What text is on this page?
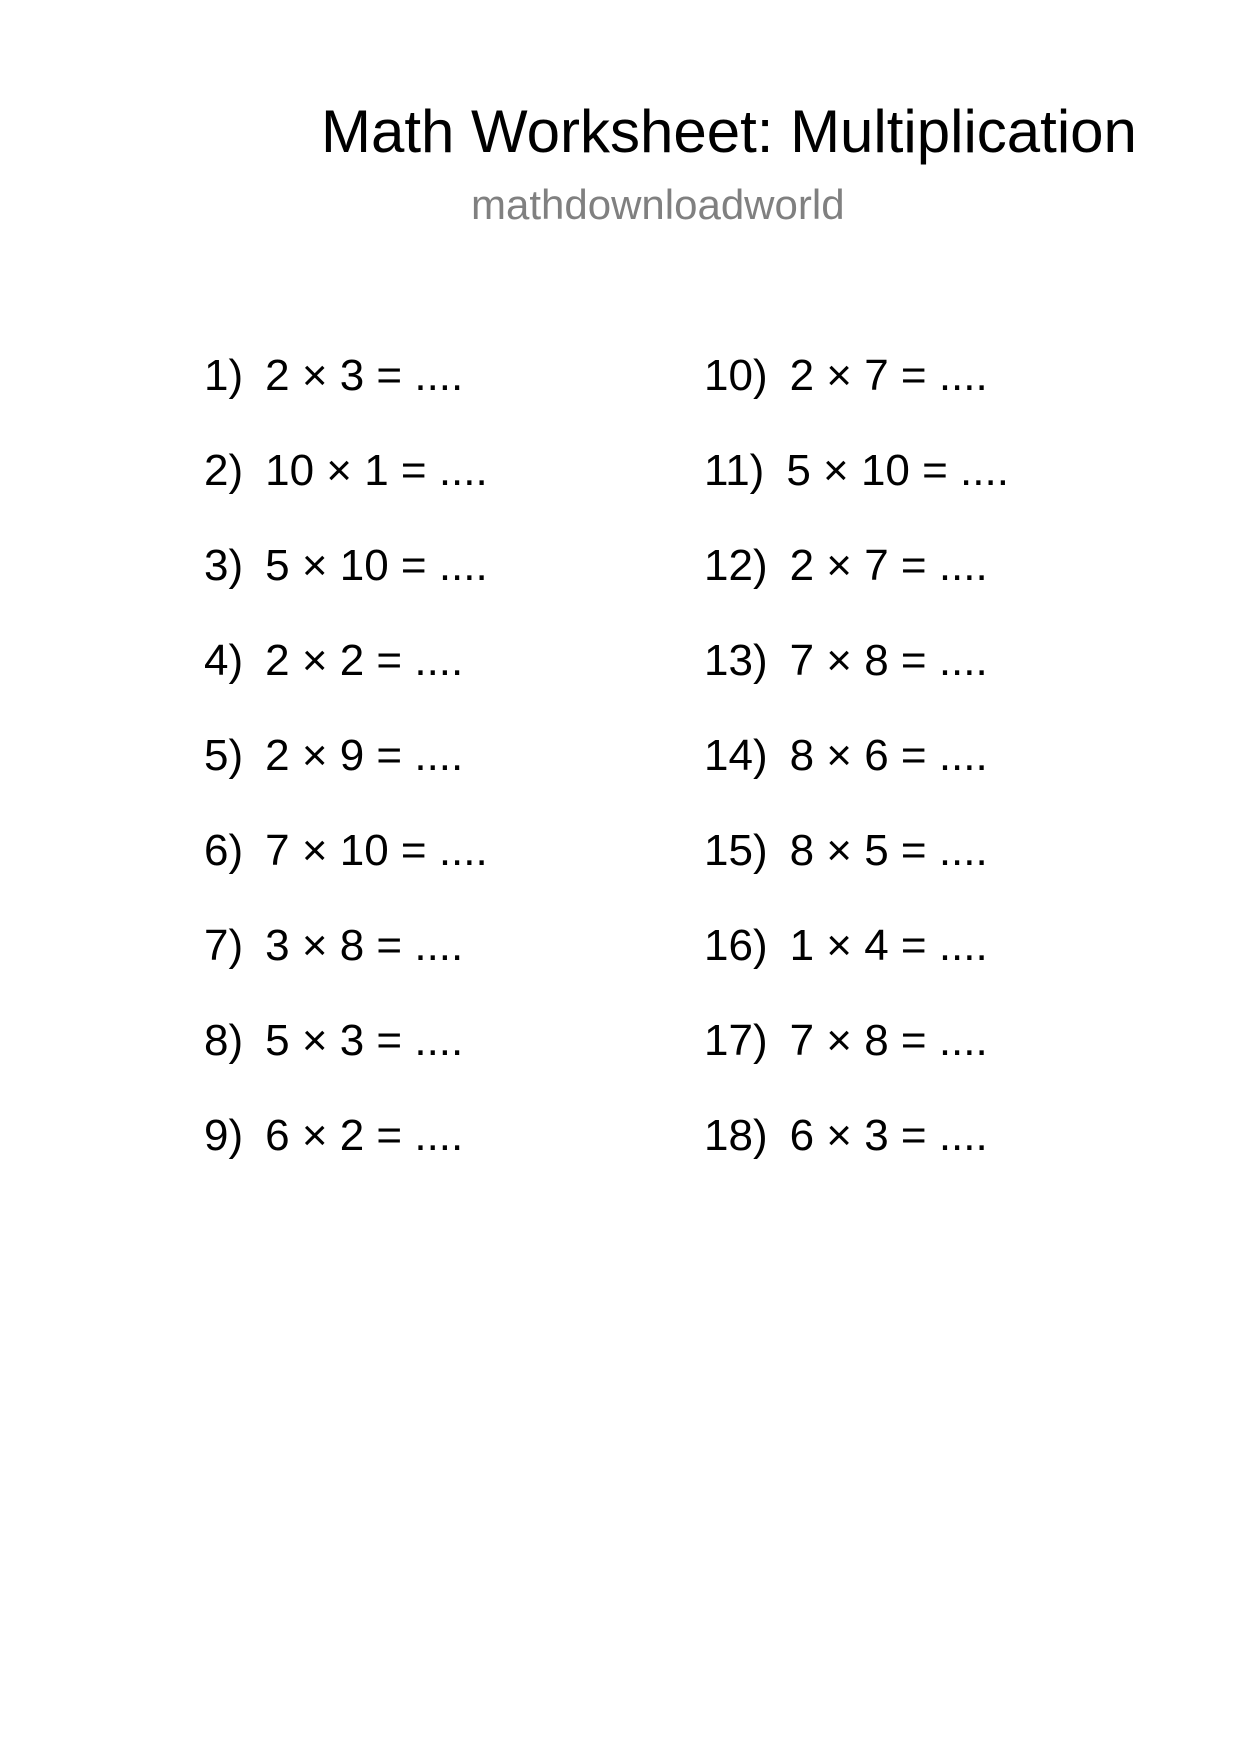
Math Worksheet: Multiplication
mathdownloadworld
1) 2 × 3 = ....
2) 10 × 1 = ....
3) 5 × 10 = ....
4) 2 × 2 = ....
5) 2 × 9 = ....
6) 7 × 10 = ....
7) 3 × 8 = ....
8) 5 × 3 = ....
9) 6 × 2 = ....
10) 2 × 7 = ....
11) 5 × 10 = ....
12) 2 × 7 = ....
13) 7 × 8 = ....
14) 8 × 6 = ....
15) 8 × 5 = ....
16) 1 × 4 = ....
17) 7 × 8 = ....
18) 6 × 3 = ....
